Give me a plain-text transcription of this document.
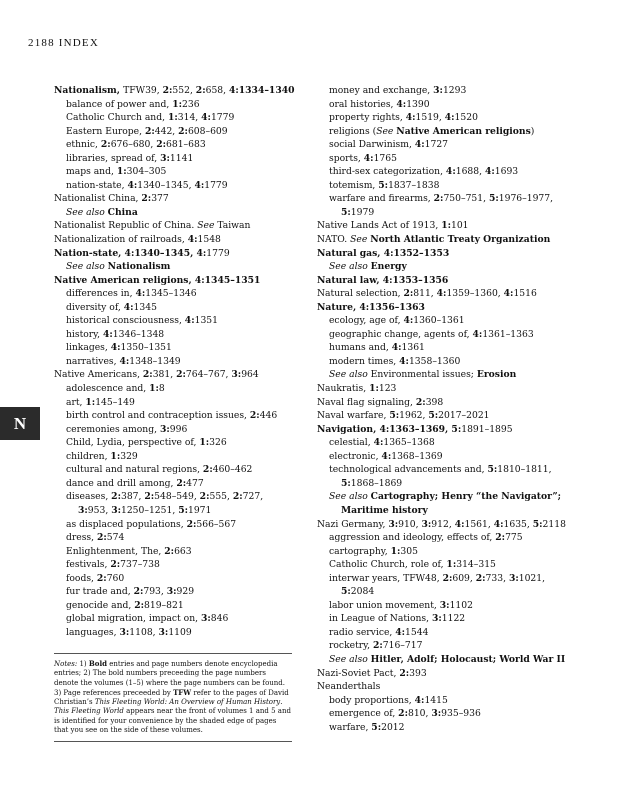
2188 INDEX
N
Nationalism, TFW39, 2:552, 2:658, 4:1334–1340
balance of power and, 1:236
Catholic Church and, 1:314, 4:1779
Eastern Europe, 2:442, 2:608–609
ethnic, 2:676–680, 2:681–683
libraries, spread of, 3:1141
maps and, 1:304–305
nation-state, 4:1340–1345, 4:1779
Nationalist China, 2:377
See also China
Nationalist Republic of China. See Taiwan
Nationalization of railroads, 4:1548
Nation-state, 4:1340–1345, 4:1779
See also Nationalism
Native American religions, 4:1345–1351
differences in, 4:1345–1346
diversity of, 4:1345
historical consciousness, 4:1351
history, 4:1346–1348
linkages, 4:1350–1351
narratives, 4:1348–1349
Native Americans, 2:381, 2:764–767, 3:964
adolescence and, 1:8
art, 1:145–149
birth control and contraception issues, 2:446
ceremonies among, 3:996
Child, Lydia, perspective of, 1:326
children, 1:329
cultural and natural regions, 2:460–462
dance and drill among, 2:477
diseases, 2:387, 2:548–549, 2:555, 2:727,
3:953, 3:1250–1251, 5:1971
as displaced populations, 2:566–567
dress, 2:574
Enlightenment, The, 2:663
festivals, 2:737–738
foods, 2:760
fur trade and, 2:793, 3:929
genocide and, 2:819–821
global migration, impact on, 3:846
languages, 3:1108, 3:1109
money and exchange, 3:1293
oral histories, 4:1390
property rights, 4:1519, 4:1520
religions (See Native American religions)
social Darwinism, 4:1727
sports, 4:1765
third-sex categorization, 4:1688, 4:1693
totemism, 5:1837–1838
warfare and firearms, 2:750–751, 5:1976–1977,
5:1979
Native Lands Act of 1913, 1:101
NATO. See North Atlantic Treaty Organization
Natural gas, 4:1352–1353
See also Energy
Natural law, 4:1353–1356
Natural selection, 2:811, 4:1359–1360, 4:1516
Nature, 4:1356–1363
ecology, age of, 4:1360–1361
geographic change, agents of, 4:1361–1363
humans and, 4:1361
modern times, 4:1358–1360
See also Environmental issues; Erosion
Naukratis, 1:123
Naval flag signaling, 2:398
Naval warfare, 5:1962, 5:2017–2021
Navigation, 4:1363–1369, 5:1891–1895
celestial, 4:1365–1368
electronic, 4:1368–1369
technological advancements and, 5:1810–1811,
5:1868–1869
See also Cartography; Henry “the Navigator”;
Maritime history
Nazi Germany, 3:910, 3:912, 4:1561, 4:1635, 5:2118
aggression and ideology, effects of, 2:775
cartography, 1:305
Catholic Church, role of, 1:314–315
interwar years, TFW48, 2:609, 2:733, 3:1021,
5:2084
labor union movement, 3:1102
in League of Nations, 3:1122
radio service, 4:1544
rocketry, 2:716–717
See also Hitler, Adolf; Holocaust; World War II
Nazi-Soviet Pact, 2:393
Neanderthals
body proportions, 4:1415
emergence of, 2:810, 3:935–936
warfare, 5:2012
Notes: 1) Bold entries and page numbers denote encyclopedia entries; 2) The bold numbers preceeding the page numbers denote the volumes (1–5) where the page numbers can be found. 3) Page references preceeded by TFW refer to the pages of David Christian’s This Fleeting World: An Overview of Human History. This Fleeting World appears near the front of volumes 1 and 5 and is identified for your convenience by the shaded edge of pages that you see on the side of these volumes.
